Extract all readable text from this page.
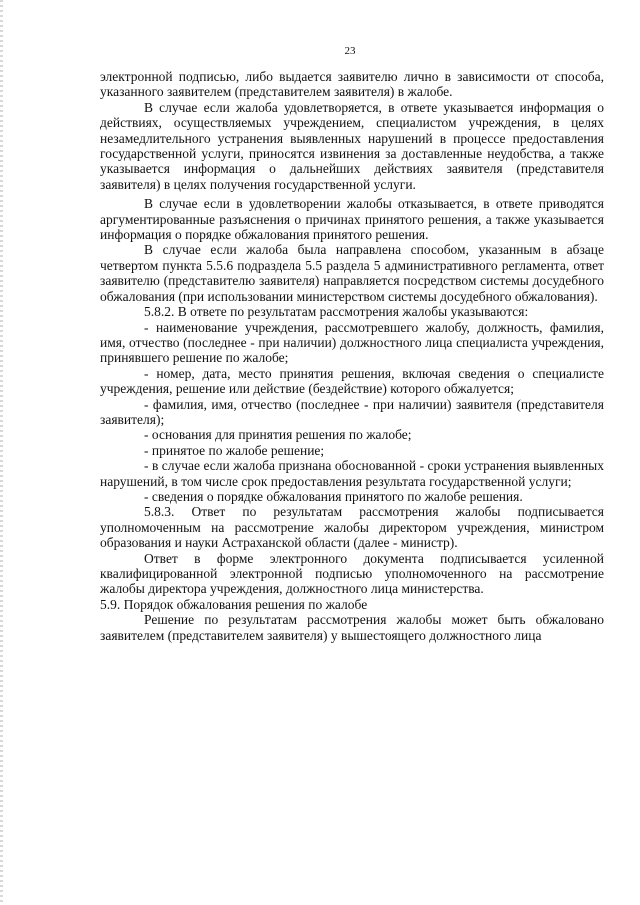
23

электронной подписью, либо выдается заявителю лично в зависимости от способа, указанного заявителем (представителем заявителя) в жалобе.

В случае если жалоба удовлетворяется, в ответе указывается информация о действиях, осуществляемых учреждением, специалистом учреждения, в целях незамедлительного устранения выявленных нарушений в процессе предоставления государственной услуги, приносятся извинения за доставленные неудобства, а также указывается информация о дальнейших действиях заявителя (представителя заявителя) в целях получения государственной услуги.

В случае если в удовлетворении жалобы отказывается, в ответе приводятся аргументированные разъяснения о причинах принятого решения, а также указывается информация о порядке обжалования принятого решения.

В случае если жалоба была направлена способом, указанным в абзаце четвертом пункта 5.5.6 подраздела 5.5 раздела 5 административного регламента, ответ заявителю (представителю заявителя) направляется посредством системы досудебного обжалования (при использовании министерством системы досудебного обжалования).

5.8.2. В ответе по результатам рассмотрения жалобы указываются:

- наименование учреждения, рассмотревшего жалобу, должность, фамилия, имя, отчество (последнее - при наличии) должностного лица специалиста учреждения, принявшего решение по жалобе;

- номер, дата, место принятия решения, включая сведения о специалисте учреждения, решение или действие (бездействие) которого обжалуется;

- фамилия, имя, отчество (последнее - при наличии) заявителя (представителя заявителя);

- основания для принятия решения по жалобе;

- принятое по жалобе решение;

- в случае если жалоба признана обоснованной - сроки устранения выявленных нарушений, в том числе срок предоставления результата государственной услуги;

- сведения о порядке обжалования принятого по жалобе решения.

5.8.3. Ответ по результатам рассмотрения жалобы подписывается уполномоченным на рассмотрение жалобы директором учреждения, министром образования и науки Астраханской области (далее - министр).

Ответ в форме электронного документа подписывается усиленной квалифицированной электронной подписью уполномоченного на рассмотрение жалобы директора учреждения, должностного лица министерства.

5.9. Порядок обжалования решения по жалобе

Решение по результатам рассмотрения жалобы может быть обжаловано заявителем (представителем заявителя) у вышестоящего должностного лица
